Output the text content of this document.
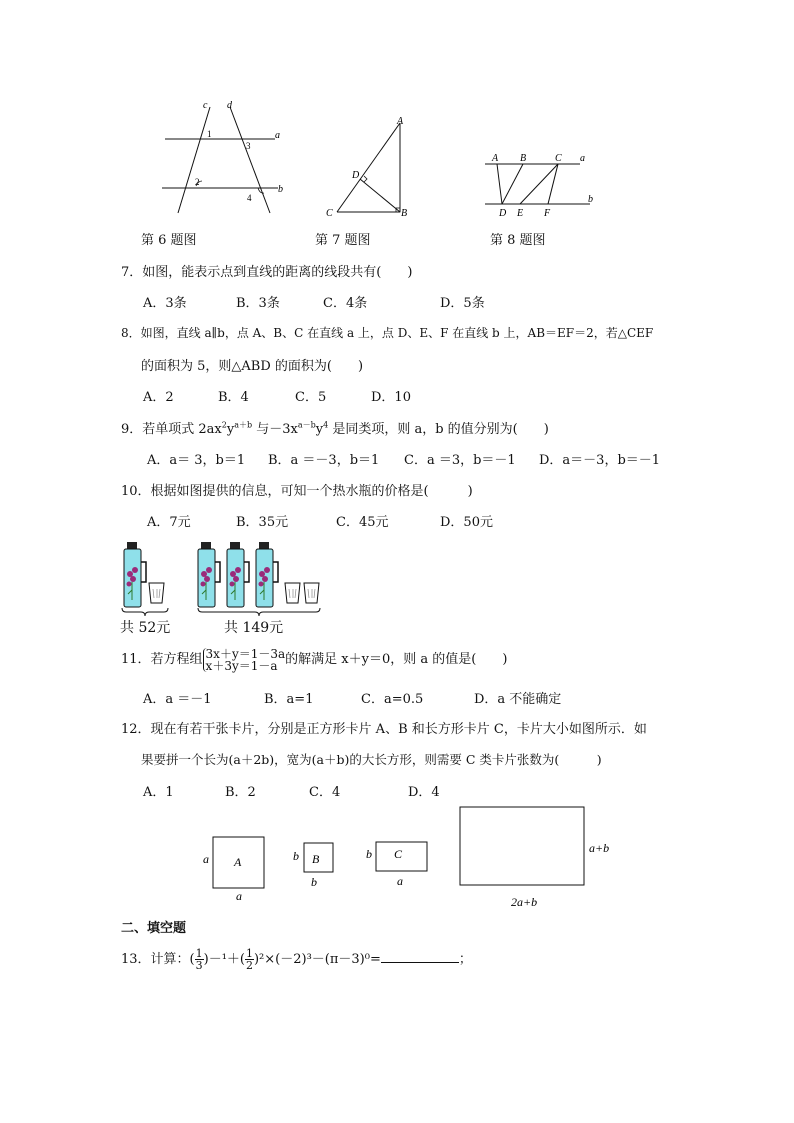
c d
a
b
1
2
3
4
第 6 题图
A
B
C
D
第 7 题图
A B	C a
D E F
b
第 8 题图
7．如图，能表示点到直线的距离的线段共有(　　)
A．3条	B．3条	C．4条	D．5条
8．如图，直线 a∥b，点 A、B、C 在直线 a 上，点 D、E、F 在直线 b 上，AB＝EF＝2，若△CEF
的面积为 5，则△ABD 的面积为(　　)
A．2	B．4	C．5	D．10
9．若单项式 $2ax^2y^{a+b}$ 与$-3x^{a-b}y^4$ 是同类项，则 a，b 的值分别为(　　)
A．a＝ 3，b＝1 B．a ＝－3，b＝1 C．a ＝3，b＝－1 D．a＝－3，b＝－1
10．根据如图提供的信息，可知一个热水瓶的价格是(　　　)
A．7元	B．35元	C．45元	D．50元
共 52元	共 149元
11．若方程组 3x＋y＝1－3a
x＋3y＝1－a 的解满足 x＋y＝0，则 a 的值是(　　)
A．a ＝－1	B．a=1	C．a=0.5	D．a 不能确定
12．现在有若干张卡片，分别是正方形卡片 A、B 和长方形卡片 C，卡片大小如图所示．如
果要拼一个长为(a＋2b)，宽为(a＋b)的大长方形，则需要 C 类卡片张数为(　　　)
A．1	B．2	C．4	D．4
A
a
a
B
b
b
C
b
a
a+b
2a+b
二、填空题
13．计算：( $\frac{1}{3} )-^1+( \frac{1}{2} )^2\times(-2)^3-(\pi-3)^0=$	；
